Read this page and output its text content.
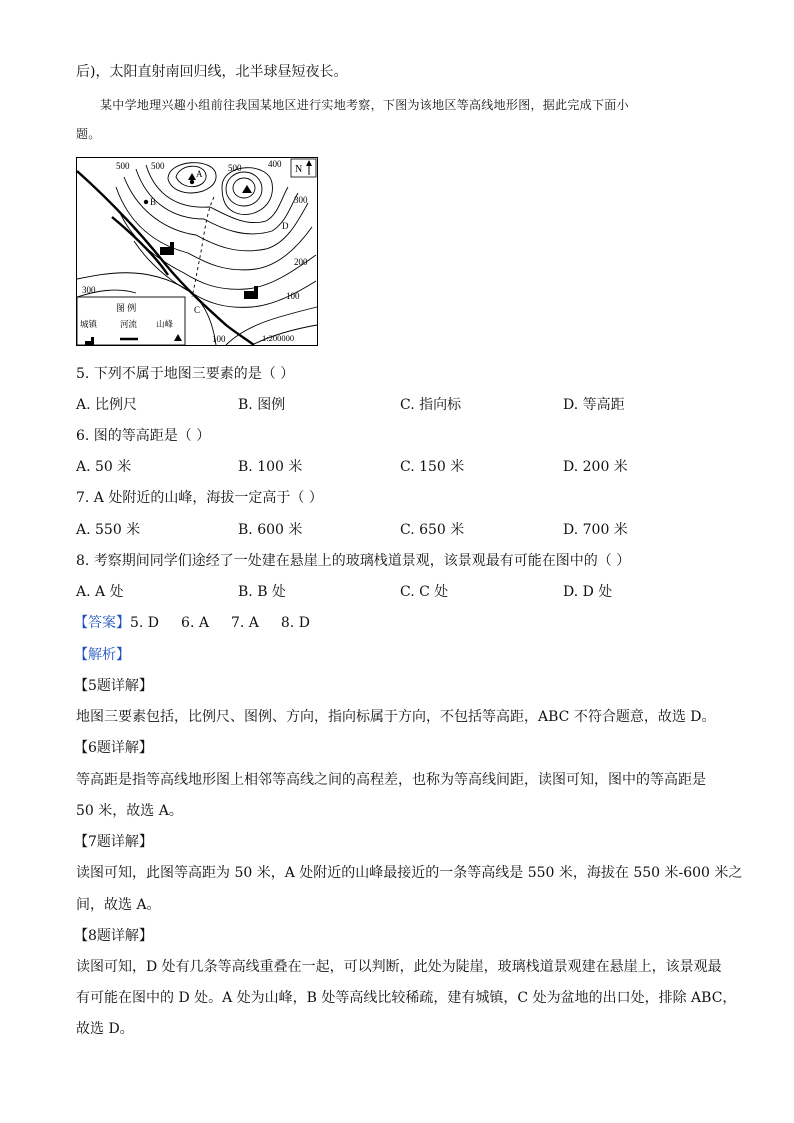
后)，太阳直射南回归线，北半球昼短夜长。
某中学地理兴趣小组前往我国某地区进行实地考察，下图为该地区等高线地形图，据此完成下面小
题。
500 500	500	400
300
200
100
300
100
A
B
C
D
1:200000
N
图 例
城镇	河流 山峰
5. 下列不属于地图三要素的是（ ）
A. 比例尺	B. 图例	C. 指向标	D. 等高距
6. 图的等高距是（ ）
A. 50 米	B. 100 米	C. 150 米	D. 200 米
7. A 处附近的山峰，海拔一定高于（ ）
A. 550 米	B. 600 米	C. 650 米	D. 700 米
8. 考察期间同学们途经了一处建在悬崖上的玻璃栈道景观，该景观最有可能在图中的（ ）
A. A 处	B. B 处	C. C 处	D. D 处
【答案】5. D 6. A 7. A 8. D
【解析】
【5题详解】
地图三要素包括，比例尺、图例、方向，指向标属于方向，不包括等高距，ABC 不符合题意，故选 D。
【6题详解】
等高距是指等高线地形图上相邻等高线之间的高程差，也称为等高线间距，读图可知，图中的等高距是
50 米，故选 A。
【7题详解】
读图可知，此图等高距为 50 米，A 处附近的山峰最接近的一条等高线是 550 米，海拔在 550 米-600 米之
间，故选 A。
【8题详解】
读图可知，D 处有几条等高线重叠在一起，可以判断，此处为陡崖，玻璃栈道景观建在悬崖上，该景观最
有可能在图中的 D 处。A 处为山峰，B 处等高线比较稀疏，建有城镇，C 处为盆地的出口处，排除 ABC，
故选 D。
